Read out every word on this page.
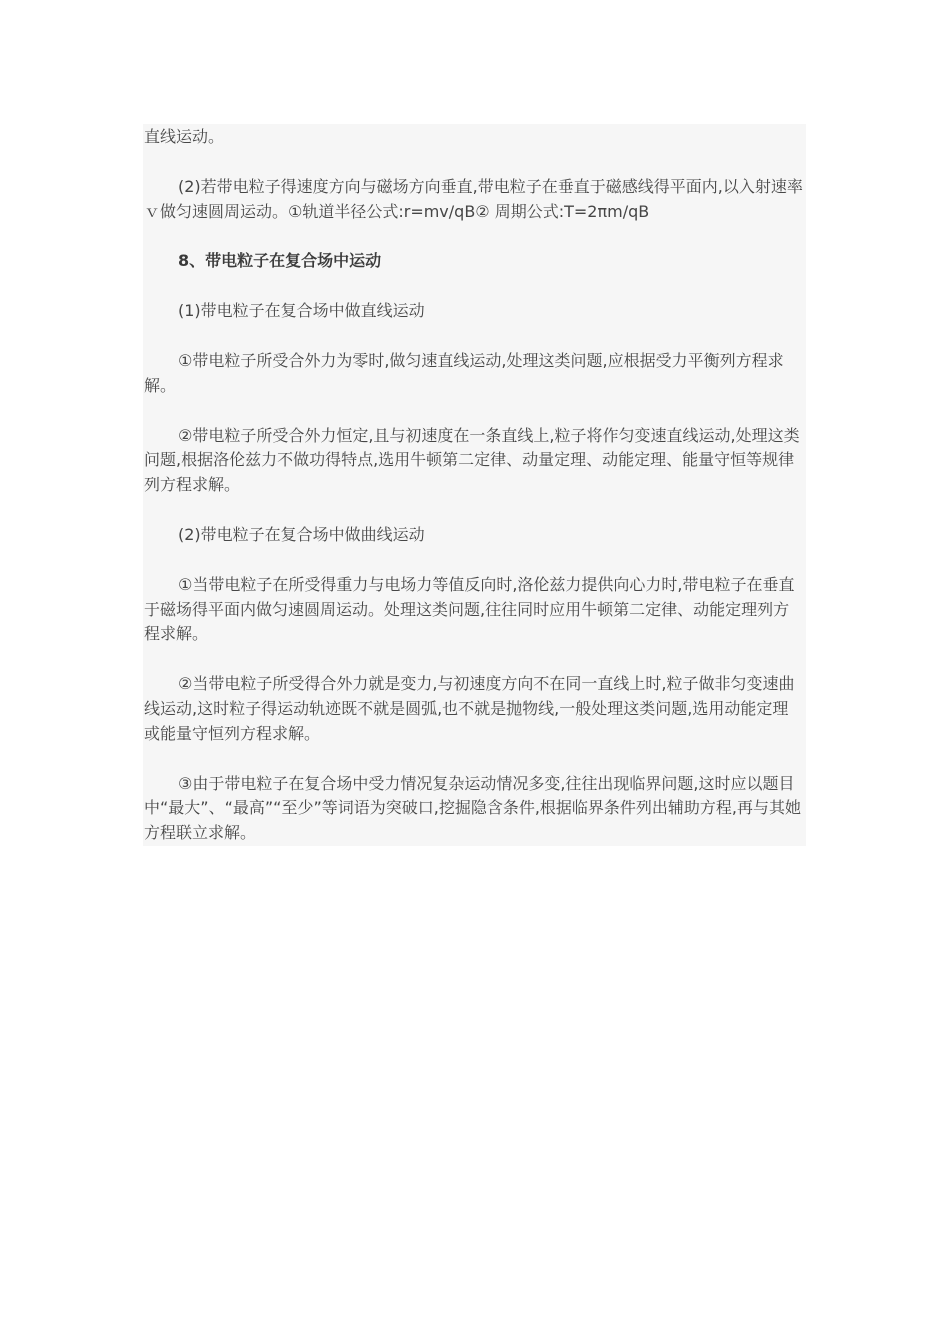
直线运动。

(2)若带电粒子得速度方向与磁场方向垂直,带电粒子在垂直于磁感线得平面内,以入射速率ｖ做匀速圆周运动。①轨道半径公式:r=mv/qB② 周期公式:T=2πm/qB

8、带电粒子在复合场中运动

(1)带电粒子在复合场中做直线运动

①带电粒子所受合外力为零时,做匀速直线运动,处理这类问题,应根据受力平衡列方程求解。

②带电粒子所受合外力恒定,且与初速度在一条直线上,粒子将作匀变速直线运动,处理这类问题,根据洛伦兹力不做功得特点,选用牛顿第二定律、动量定理、动能定理、能量守恒等规律列方程求解。

(2)带电粒子在复合场中做曲线运动

①当带电粒子在所受得重力与电场力等值反向时,洛伦兹力提供向心力时,带电粒子在垂直于磁场得平面内做匀速圆周运动。处理这类问题,往往同时应用牛顿第二定律、动能定理列方程求解。

②当带电粒子所受得合外力就是变力,与初速度方向不在同一直线上时,粒子做非匀变速曲线运动,这时粒子得运动轨迹既不就是圆弧,也不就是抛物线,一般处理这类问题,选用动能定理或能量守恒列方程求解。

③由于带电粒子在复合场中受力情况复杂运动情况多变,往往出现临界问题,这时应以题目中“最大”、“最高”“至少”等词语为突破口,挖掘隐含条件,根据临界条件列出辅助方程,再与其她方程联立求解。
